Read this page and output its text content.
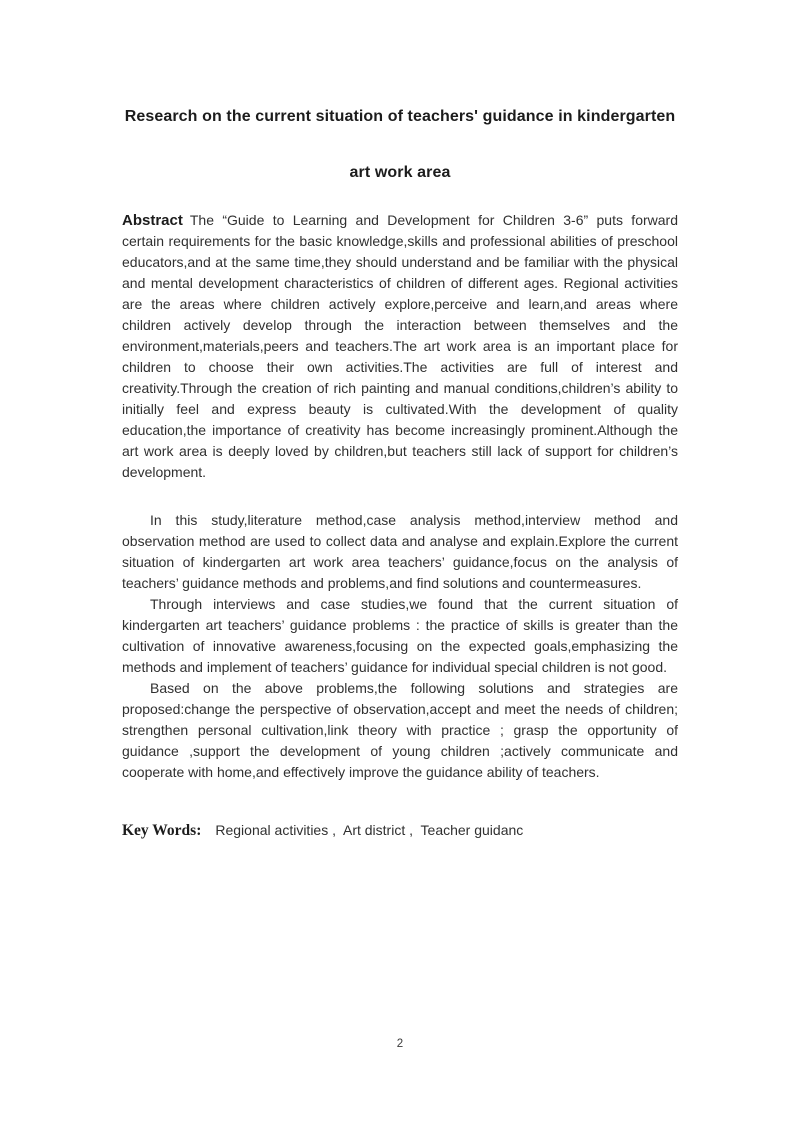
Research on the current situation of teachers' guidance in kindergarten
art work area

Abstract The “Guide to Learning and Development for Children 3-6” puts forward certain requirements for the basic knowledge,skills and professional abilities of preschool educators,and at the same time,they should understand and be familiar with the physical and mental development characteristics of children of different ages. Regional activities are the areas where children actively explore,perceive and learn,and areas where children actively develop through the interaction between themselves and the environment,materials,peers and teachers.The art work area is an important place for children to choose their own activities.The activities are full of interest and creativity.Through the creation of rich painting and manual conditions,children’s ability to initially feel and express beauty is cultivated.With the development of quality education,the importance of creativity has become increasingly prominent.Although the art work area is deeply loved by children,but teachers still lack of support for children’s development.

In this study,literature method,case analysis method,interview method and observation method are used to collect data and analyse and explain.Explore the current situation of kindergarten art work area teachers’ guidance,focus on the analysis of teachers’ guidance methods and problems,and find solutions and countermeasures.

Through interviews and case studies,we found that the current situation of kindergarten art teachers’ guidance problems : the practice of skills is greater than the cultivation of innovative awareness,focusing on the expected goals,emphasizing the methods and implement of teachers’ guidance for individual special children is not good.

Based on the above problems,the following solutions and strategies are proposed:change the perspective of observation,accept and meet the needs of children; strengthen personal cultivation,link theory with practice ; grasp the opportunity of guidance ,support the development of young children ;actively communicate and cooperate with home,and effectively improve the guidance ability of teachers.

Key Words: Regional activities ,  Art district ,  Teacher guidanc
2
